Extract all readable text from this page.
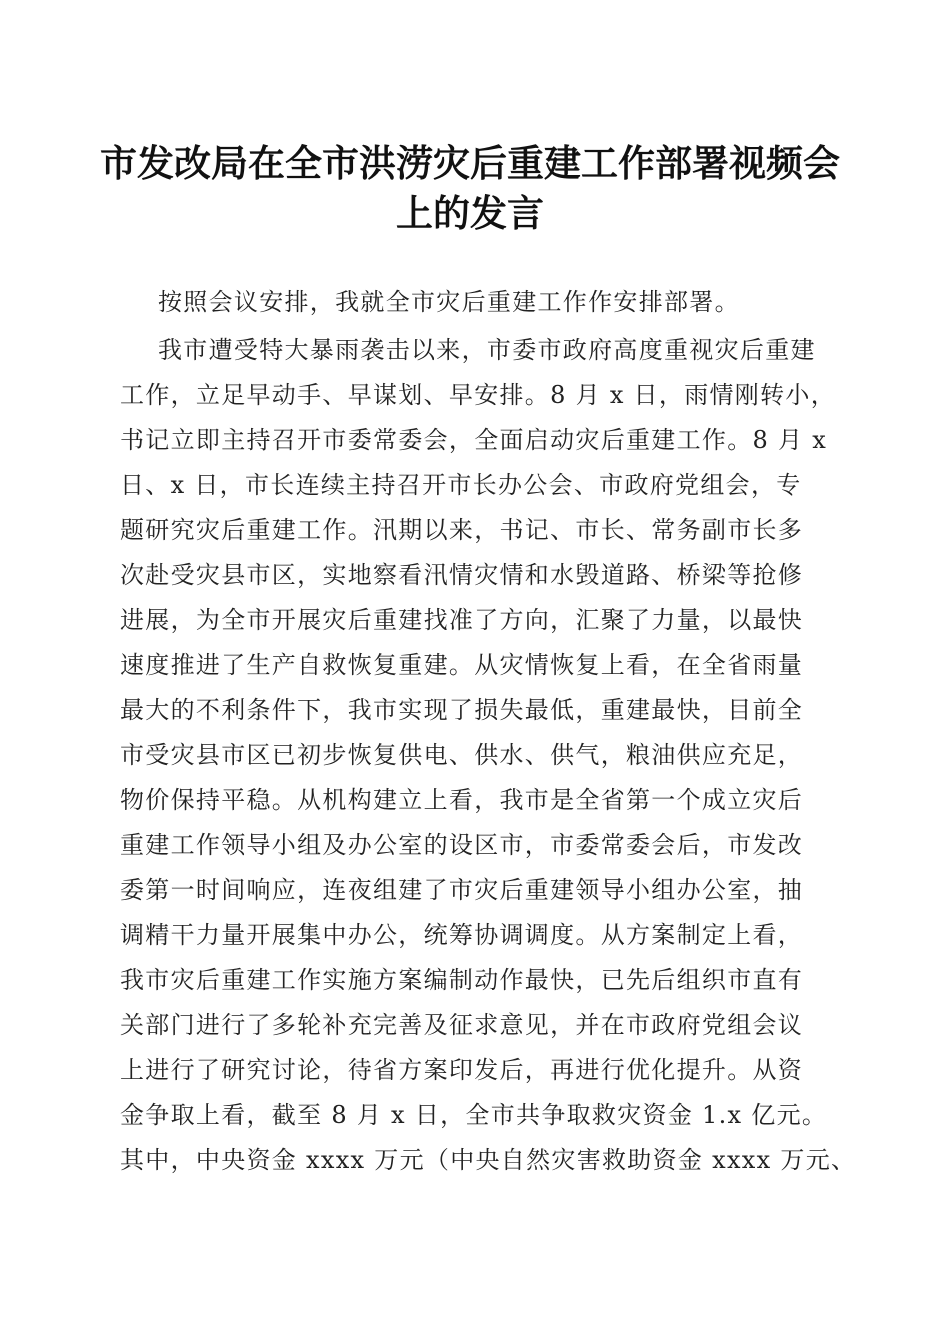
市发改局在全市洪涝灾后重建工作部署视频会
上的发言
按照会议安排，我就全市灾后重建工作作安排部署。
我市遭受特大暴雨袭击以来，市委市政府高度重视灾后重建
工作，立足早动手、早谋划、早安排。8 月 x 日，雨情刚转小，
书记立即主持召开市委常委会，全面启动灾后重建工作。8 月 x
日、x 日，市长连续主持召开市长办公会、市政府党组会，专
题研究灾后重建工作。汛期以来，书记、市长、常务副市长多
次赴受灾县市区，实地察看汛情灾情和水毁道路、桥梁等抢修
进展，为全市开展灾后重建找准了方向，汇聚了力量，以最快
速度推进了生产自救恢复重建。从灾情恢复上看，在全省雨量
最大的不利条件下，我市实现了损失最低，重建最快，目前全
市受灾县市区已初步恢复供电、供水、供气，粮油供应充足，
物价保持平稳。从机构建立上看，我市是全省第一个成立灾后
重建工作领导小组及办公室的设区市，市委常委会后，市发改
委第一时间响应，连夜组建了市灾后重建领导小组办公室，抽
调精干力量开展集中办公，统筹协调调度。从方案制定上看，
我市灾后重建工作实施方案编制动作最快，已先后组织市直有
关部门进行了多轮补充完善及征求意见，并在市政府党组会议
上进行了研究讨论，待省方案印发后，再进行优化提升。从资
金争取上看，截至 8 月 x 日，全市共争取救灾资金 1.x 亿元。
其中，中央资金 xxxx 万元（中央自然灾害救助资金 xxxx 万元、
